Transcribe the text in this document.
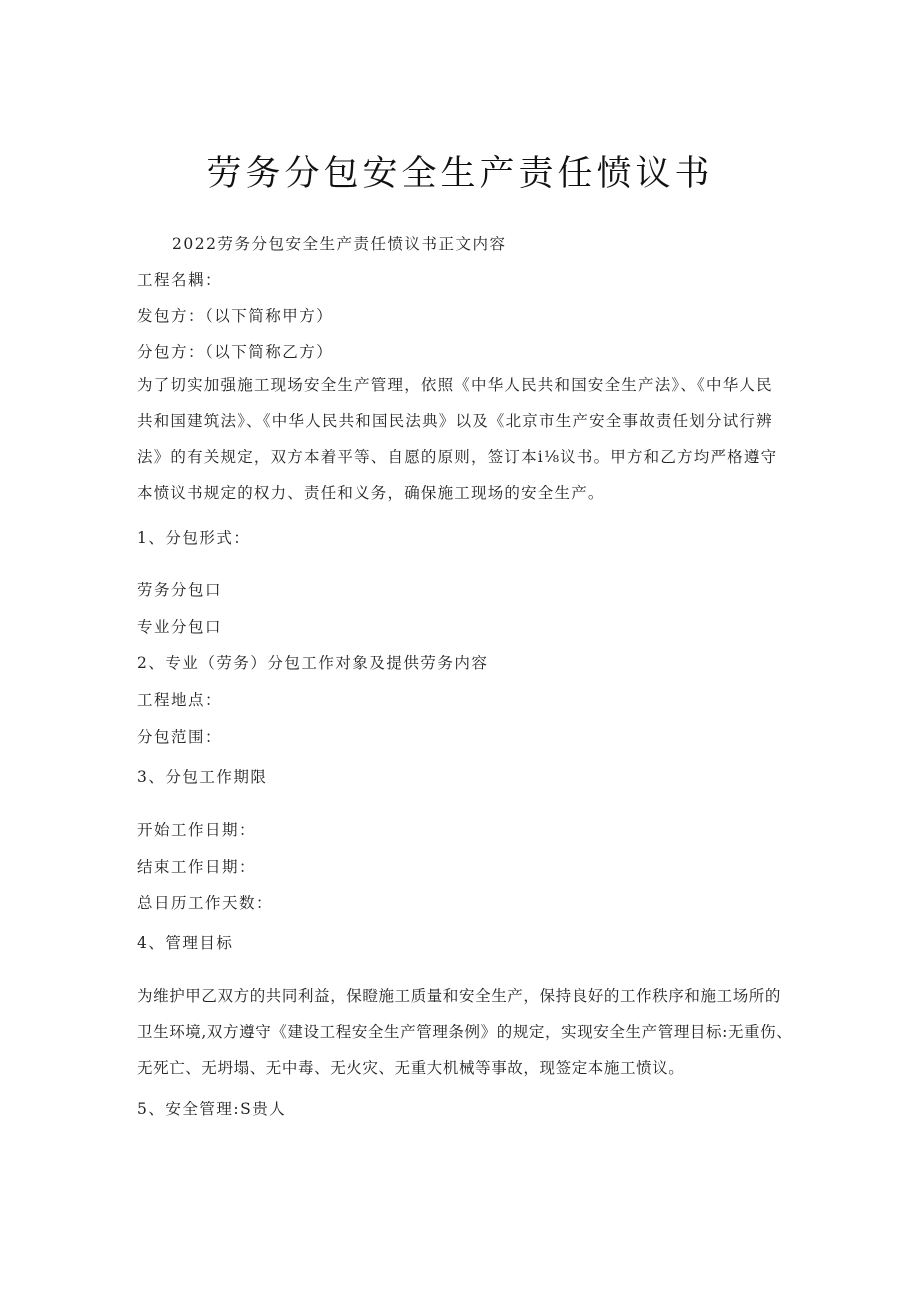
劳务分包安全生产责任愤议书
2022劳务分包安全生产责任愤议书正文内容
工程名耦：
发包方：（以下简称甲方）
分包方：（以下简称乙方）
为了切实加强施工现场安全生产管理，依照《中华人民共和国安全生产法》、《中华人民共和国建筑法》、《中华人民共和国民法典》以及《北京市生产安全事故责任划分试行辨法》的有关规定，双方本着平等、自愿的原则，签订本i⅛议书。甲方和乙方均严格遵守本愤议书规定的权力、责任和义务，确保施工现场的安全生产。
1、分包形式：
劳务分包口
专业分包口
2、专业（劳务）分包工作对象及提供劳务内容
工程地点：
分包范围：
3、分包工作期限
开始工作日期：
结束工作日期：
总日历工作天数：
4、管理目标
为维护甲乙双方的共同利益，保瞪施工质量和安全生产，保持良好的工作秩序和施工场所的卫生环境,双方遵守《建设工程安全生产管理条例》的规定，实现安全生产管理目标:无重伤、无死亡、无坍塌、无中毒、无火灾、无重大机械等事故，现签定本施工愤议。
5、安全管理:S贵人
